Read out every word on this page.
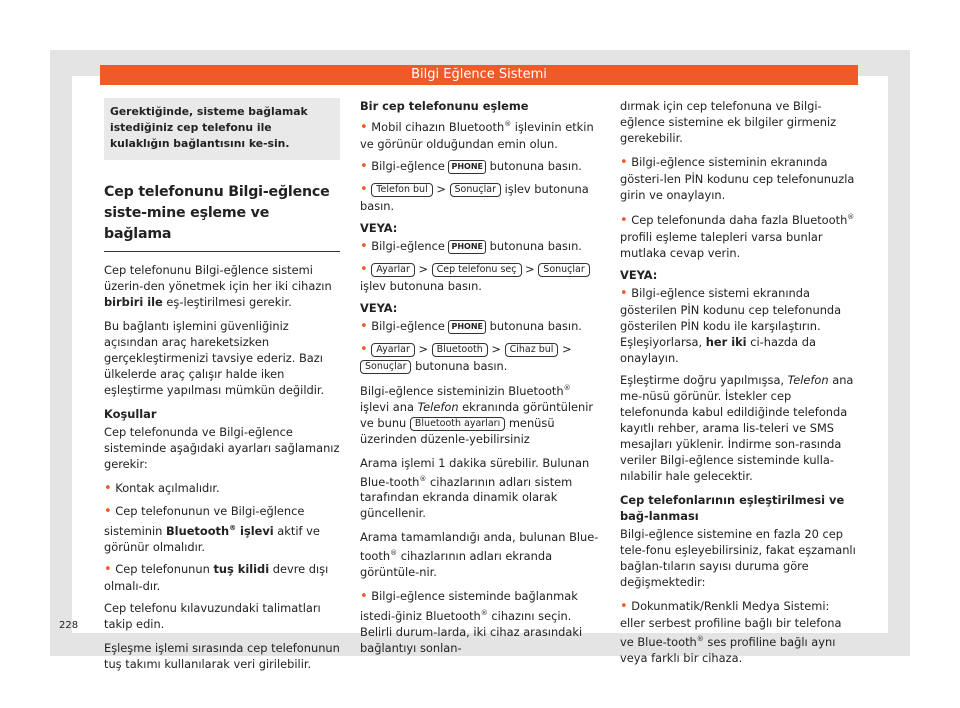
Bilgi Eğlence Sistemi
Gerektiğinde, sisteme bağlamak istediğiniz cep telefonu ile kulaklığın bağlantısını ke-sin.
Cep telefonunu Bilgi-eğlence siste-mine eşleme ve bağlama

Cep telefonunu Bilgi-eğlence sistemi üzerin-den yönetmek için her iki cihazın birbiri ile eş-leştirilmesi gerekir.

Bu bağlantı işlemini güvenliğiniz açısından araç hareketsizken gerçekleştirmenizi tavsiye ederiz. Bazı ülkelerde araç çalışır halde iken eşleştirme yapılması mümkün değildir.

Koşullar

Cep telefonunda ve Bilgi-eğlence sisteminde aşağıdaki ayarları sağlamanız gerekir:

• Kontak açılmalıdır.

• Cep telefonunun ve Bilgi-eğlence sisteminin Bluetooth® işlevi aktif ve görünür olmalıdır.

• Cep telefonunun tuş kilidi devre dışı olmalı-dır.

Cep telefonu kılavuzundaki talimatları takip edin.

Eşleşme işlemi sırasında cep telefonunun tuş takımı kullanılarak veri girilebilir.

Bir cep telefonunu eşleme

• Mobil cihazın Bluetooth® işlevinin etkin ve görünür olduğundan emin olun.

• Bilgi-eğlence PHONE butonuna basın.

• Telefon bul > Sonuçlar işlev butonuna basın.

VEYA:

• Bilgi-eğlence PHONE butonuna basın.

• Ayarlar > Cep telefonu seç > Sonuçlar işlev butonuna basın.

VEYA:

• Bilgi-eğlence PHONE butonuna basın.

• Ayarlar > Bluetooth > Cihaz bul > Sonuçlar butonuna basın.

Bilgi-eğlence sisteminizin Bluetooth® işlevi ana Telefon ekranında görüntülenir ve bunu Bluetooth ayarları menüsü üzerinden düzenle-yebilirsiniz

Arama işlemi 1 dakika sürebilir. Bulunan Blue-tooth® cihazlarının adları sistem tarafından ekranda dinamik olarak güncellenir.

Arama tamamlandığı anda, bulunan Blue-tooth® cihazlarının adları ekranda görüntüle-nir.

• Bilgi-eğlence sisteminde bağlanmak istedi-ğiniz Bluetooth® cihazını seçin. Belirli durum-larda, iki cihaz arasındaki bağlantıyı sonlan-

dırmak için cep telefonuna ve Bilgi-eğlence sistemine ek bilgiler girmeniz gerekebilir.

• Bilgi-eğlence sisteminin ekranında gösteri-len PİN kodunu cep telefonunuzla girin ve onaylayın.

• Cep telefonunda daha fazla Bluetooth® profili eşleme talepleri varsa bunlar mutlaka cevap verin.

VEYA:

• Bilgi-eğlence sistemi ekranında gösterilen PİN kodunu cep telefonunda gösterilen PİN kodu ile karşılaştırın. Eşleşiyorlarsa, her iki ci-hazda da onaylayın.

Eşleştirme doğru yapılmışsa, Telefon ana me-nüsü görünür. İstekler cep telefonunda kabul edildiğinde telefonda kayıtlı rehber, arama lis-teleri ve SMS mesajları yüklenir. İndirme son-rasında veriler Bilgi-eğlence sisteminde kulla-nılabilir hale gelecektir.

Cep telefonlarının eşleştirilmesi ve bağ-lanması

Bilgi-eğlence sistemine en fazla 20 cep tele-fonu eşleyebilirsiniz, fakat eşzamanlı bağlan-tıların sayısı duruma göre değişmektedir:

• Dokunmatik/Renkli Medya Sistemi: eller serbest profiline bağlı bir telefona ve Blue-tooth® ses profiline bağlı aynı veya farklı bir cihaza.

228
